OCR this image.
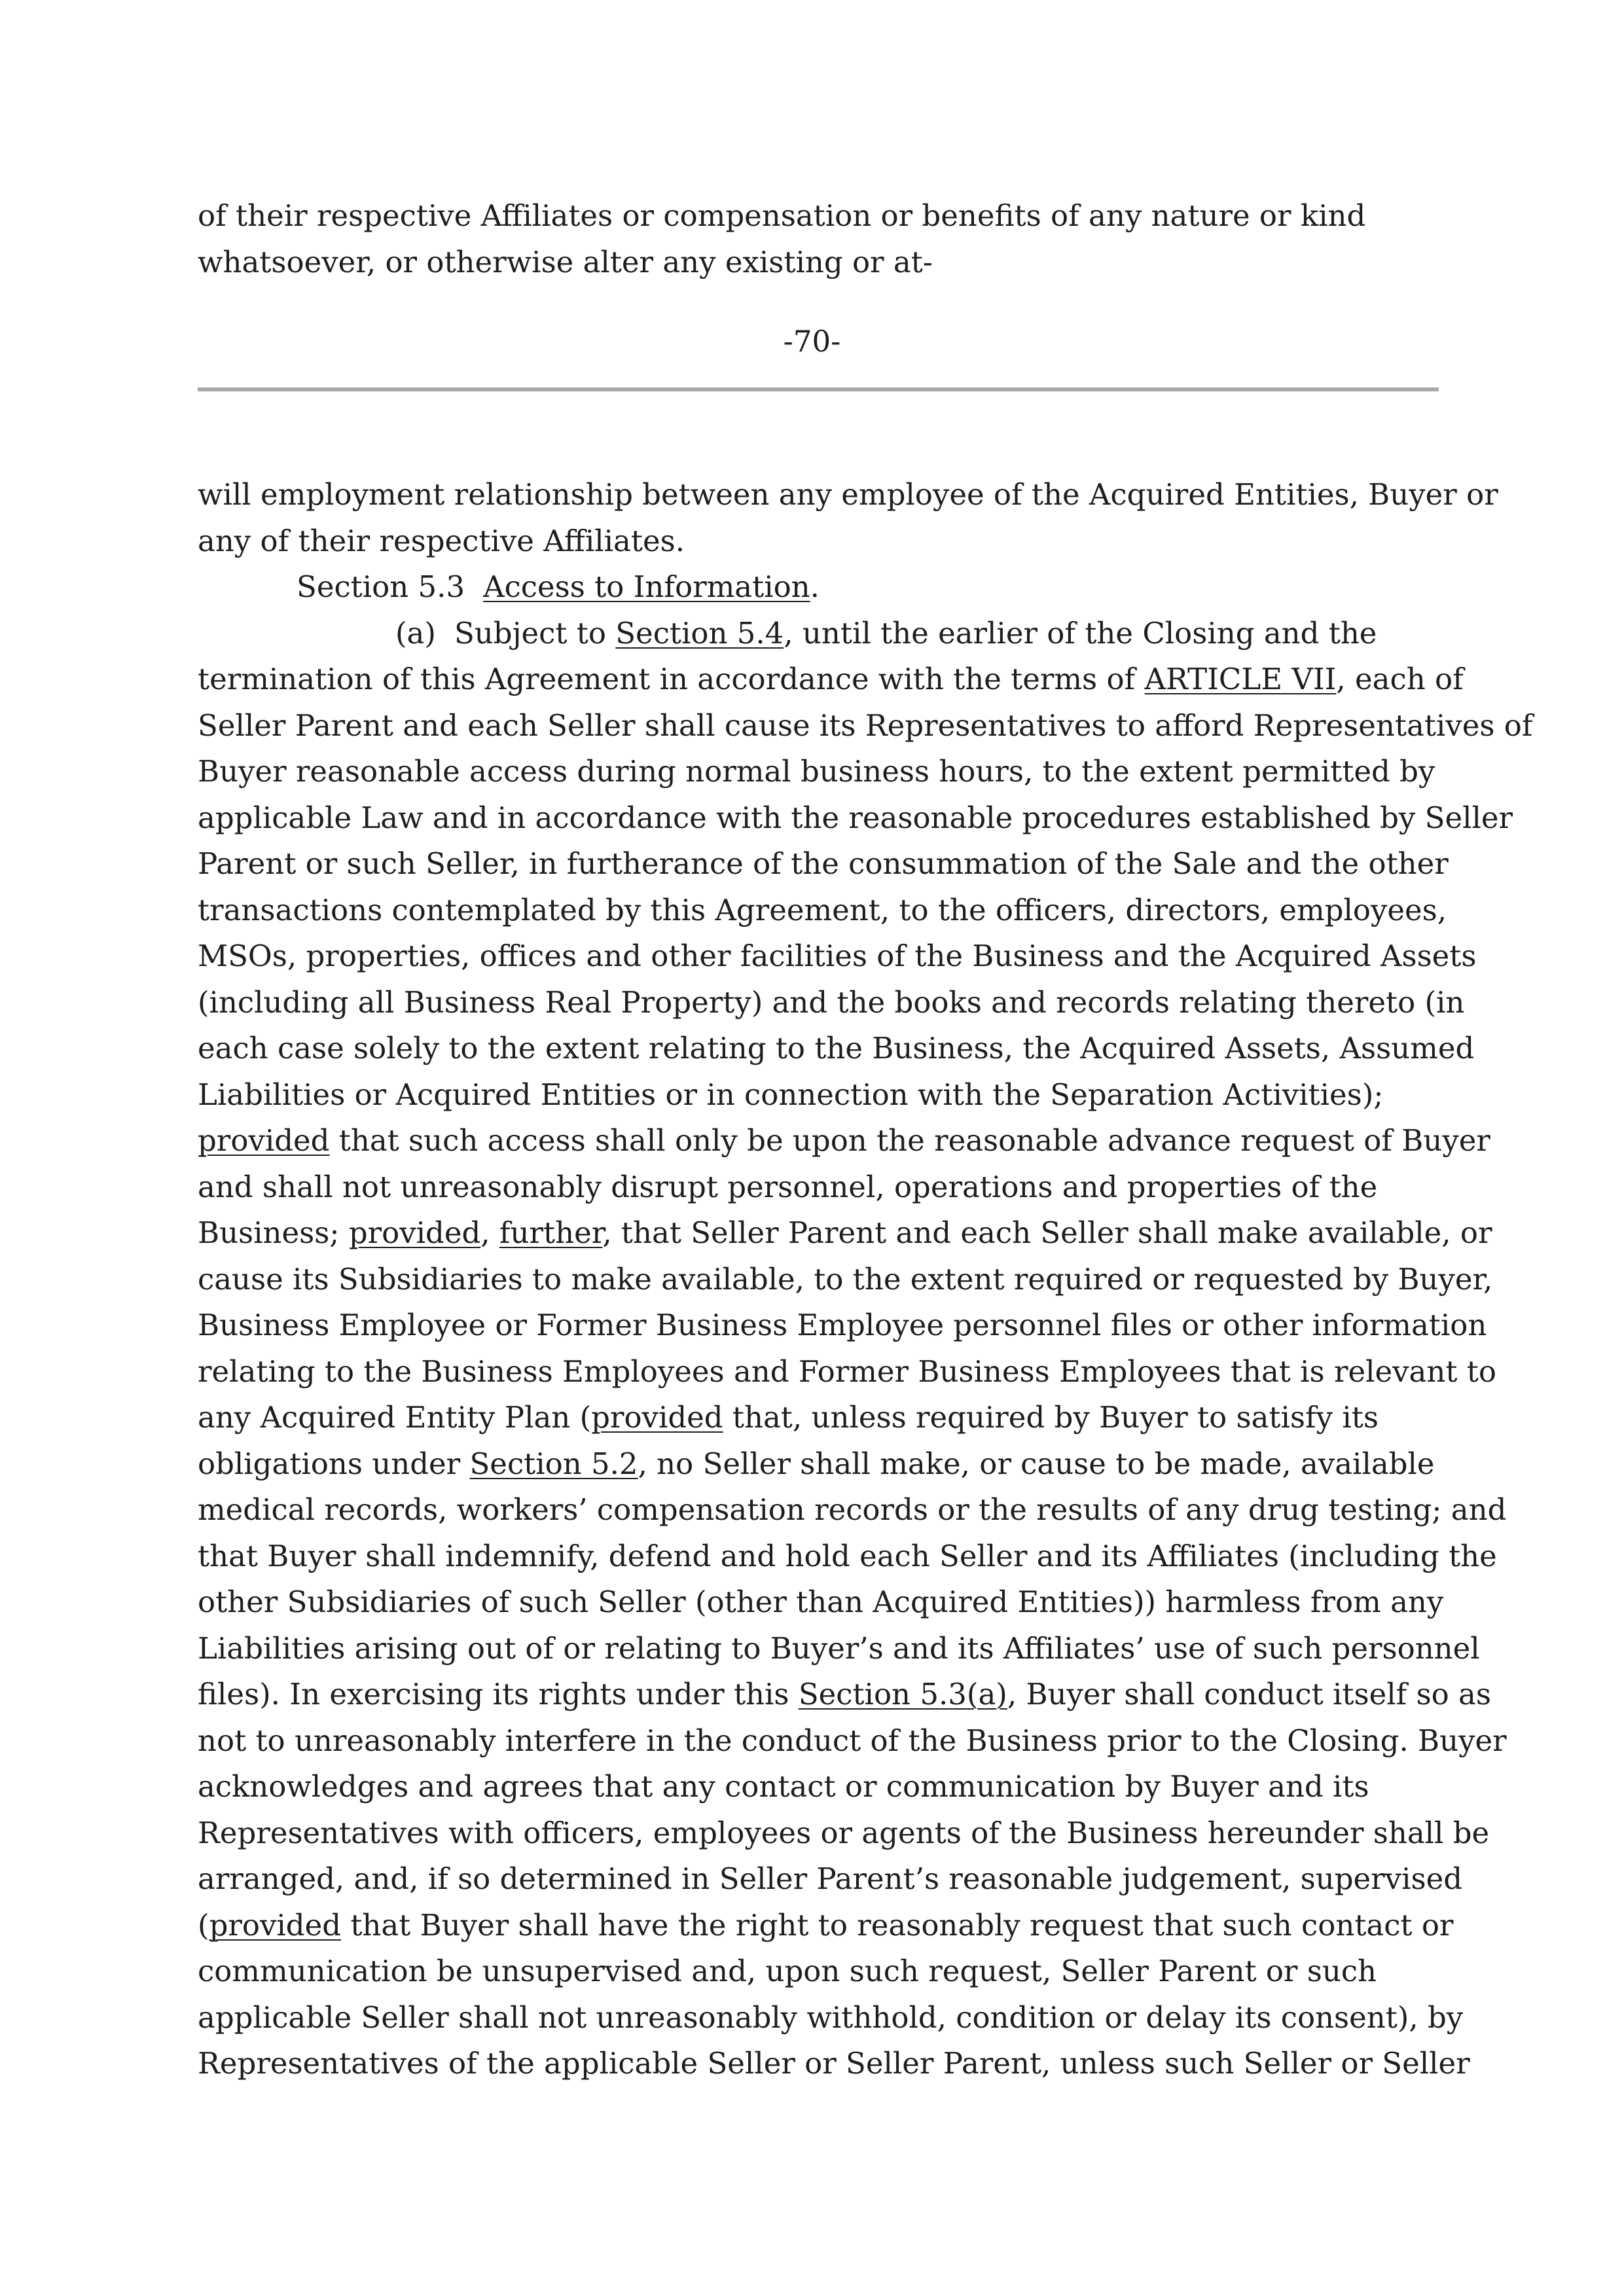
of their respective Affiliates or compensation or benefits of any nature or kind
whatsoever, or otherwise alter any existing or at-
-70-
will employment relationship between any employee of the Acquired Entities, Buyer or
any of their respective Affiliates.
Section 5.3 Access to Information.
(a) Subject to Section 5.4, until the earlier of the Closing and the
termination of this Agreement in accordance with the terms of ARTICLE VII, each of
Seller Parent and each Seller shall cause its Representatives to afford Representatives of
Buyer reasonable access during normal business hours, to the extent permitted by
applicable Law and in accordance with the reasonable procedures established by Seller
Parent or such Seller, in furtherance of the consummation of the Sale and the other
transactions contemplated by this Agreement, to the officers, directors, employees,
MSOs, properties, offices and other facilities of the Business and the Acquired Assets
(including all Business Real Property) and the books and records relating thereto (in
each case solely to the extent relating to the Business, the Acquired Assets, Assumed
Liabilities or Acquired Entities or in connection with the Separation Activities);
provided that such access shall only be upon the reasonable advance request of Buyer
and shall not unreasonably disrupt personnel, operations and properties of the
Business; provided, further, that Seller Parent and each Seller shall make available, or
cause its Subsidiaries to make available, to the extent required or requested by Buyer,
Business Employee or Former Business Employee personnel files or other information
relating to the Business Employees and Former Business Employees that is relevant to
any Acquired Entity Plan (provided that, unless required by Buyer to satisfy its
obligations under Section 5.2, no Seller shall make, or cause to be made, available
medical records, workers’ compensation records or the results of any drug testing; and
that Buyer shall indemnify, defend and hold each Seller and its Affiliates (including the
other Subsidiaries of such Seller (other than Acquired Entities)) harmless from any
Liabilities arising out of or relating to Buyer’s and its Affiliates’ use of such personnel
files). In exercising its rights under this Section 5.3(a), Buyer shall conduct itself so as
not to unreasonably interfere in the conduct of the Business prior to the Closing. Buyer
acknowledges and agrees that any contact or communication by Buyer and its
Representatives with officers, employees or agents of the Business hereunder shall be
arranged, and, if so determined in Seller Parent’s reasonable judgement, supervised
(provided that Buyer shall have the right to reasonably request that such contact or
communication be unsupervised and, upon such request, Seller Parent or such
applicable Seller shall not unreasonably withhold, condition or delay its consent), by
Representatives of the applicable Seller or Seller Parent, unless such Seller or Seller
